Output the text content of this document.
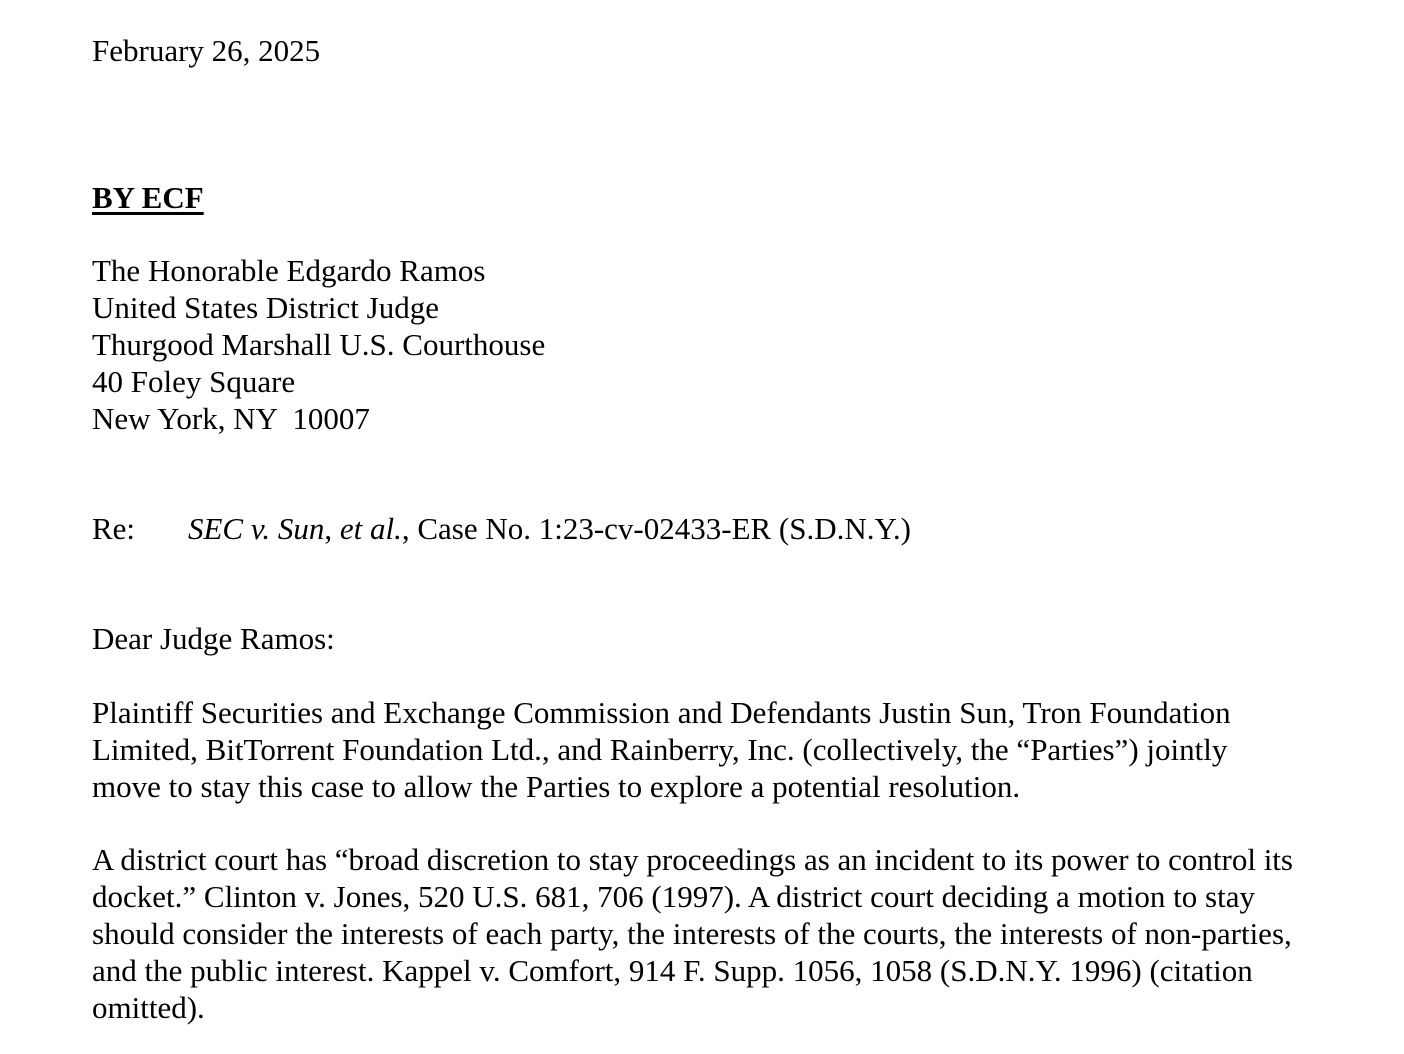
February 26, 2025

BY ECF

The Honorable Edgardo Ramos
United States District Judge
Thurgood Marshall U.S. Courthouse
40 Foley Square
New York, NY  10007

Re: SEC v. Sun, et al., Case No. 1:23-cv-02433-ER (S.D.N.Y.)

Dear Judge Ramos:

Plaintiff Securities and Exchange Commission and Defendants Justin Sun, Tron Foundation
Limited, BitTorrent Foundation Ltd., and Rainberry, Inc. (collectively, the “Parties”) jointly
move to stay this case to allow the Parties to explore a potential resolution.

A district court has “broad discretion to stay proceedings as an incident to its power to control its
docket.” Clinton v. Jones, 520 U.S. 681, 706 (1997). A district court deciding a motion to stay
should consider the interests of each party, the interests of the courts, the interests of non-parties,
and the public interest. Kappel v. Comfort, 914 F. Supp. 1056, 1058 (S.D.N.Y. 1996) (citation
omitted).
